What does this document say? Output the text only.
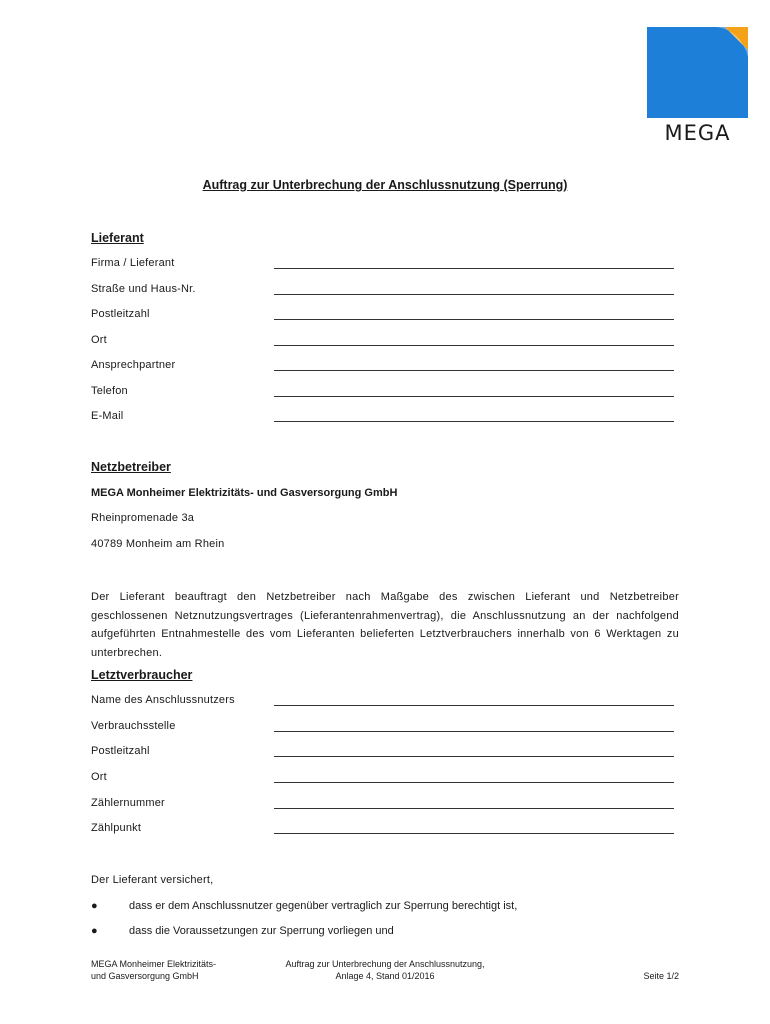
MEGA
Auftrag zur Unterbrechung der Anschlussnutzung (Sperrung)
Lieferant
Firma / Lieferant
Straße und Haus-Nr.
Postleitzahl
Ort
Ansprechpartner
Telefon
E-Mail
Netzbetreiber
MEGA Monheimer Elektrizitäts- und Gasversorgung GmbH
Rheinpromenade 3a
40789 Monheim am Rhein
Der Lieferant beauftragt den Netzbetreiber nach Maßgabe des zwischen Lieferant und Netzbetreiber geschlossenen Netznutzungsvertrages (Lieferantenrahmenvertrag), die Anschlussnutzung an der nachfolgend aufgeführten Entnahmestelle des vom Lieferanten belieferten Letztverbrauchers innerhalb von 6 Werktagen zu unterbrechen.
Letztverbraucher
Name des Anschlussnutzers
Verbrauchsstelle
Postleitzahl
Ort
Zählernummer
Zählpunkt
Der Lieferant versichert,
●	dass er dem Anschlussnutzer gegenüber vertraglich zur Sperrung berechtigt ist,
●	dass die Voraussetzungen zur Sperrung vorliegen und
MEGA Monheimer Elektrizitäts-
und Gasversorgung GmbH
Auftrag zur Unterbrechung der Anschlussnutzung,
Anlage 4, Stand 01/2016	Seite 1/2
